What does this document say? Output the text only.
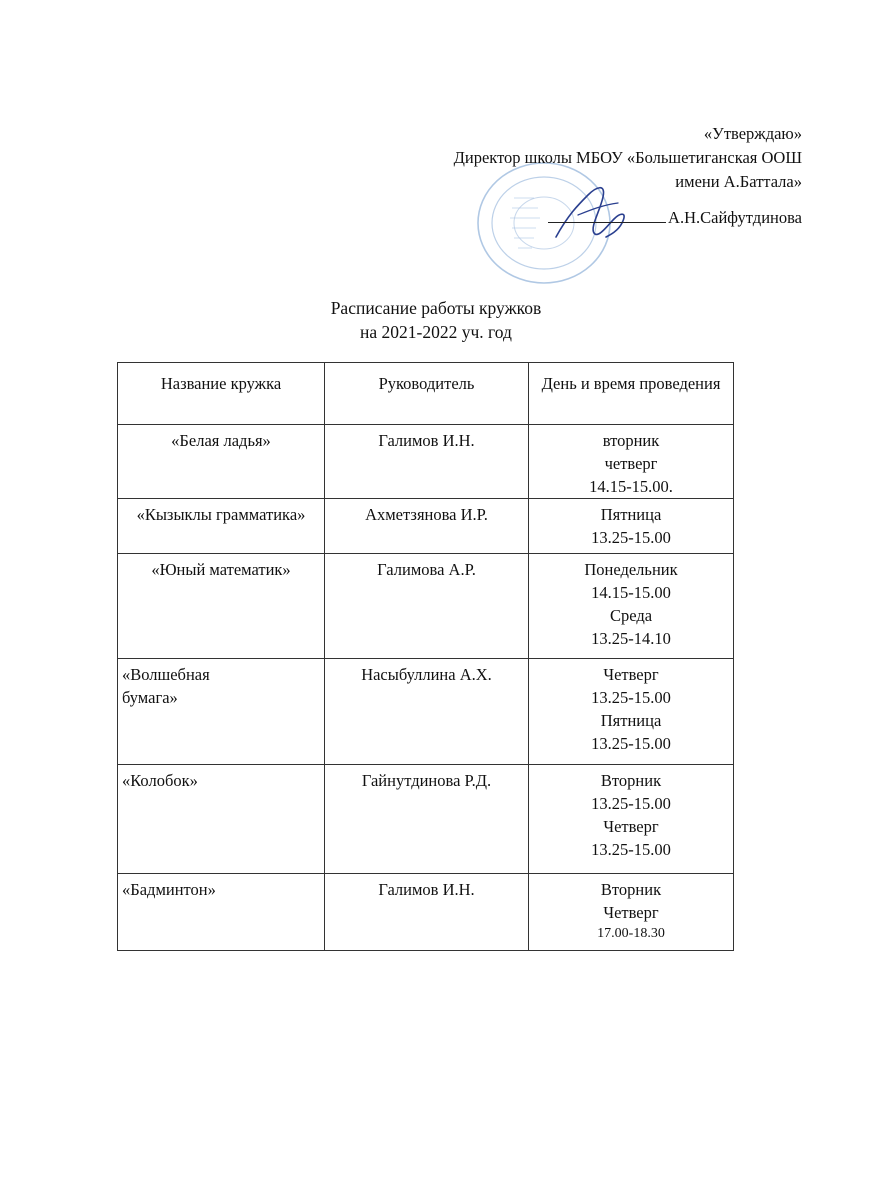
«Утверждаю»
Директор школы МБОУ «Большетиганская ООШ
имени А.Баттала»
А.Н.Сайфутдинова
Расписание работы кружков
на 2021-2022 уч. год
Название кружка	Руководитель	День и время проведения
«Белая ладья»	Галимов И.Н.	вторник
четверг
14.15-15.00.

«Кызыклы грамматика»	Ахметзянова И.Р.	Пятница
13.25-15.00

«Юный математик»	Галимова А.Р.	Понедельник
14.15-15.00
Среда
13.25-14.10

«Волшебная бумага»	Насыбуллина А.Х.	Четверг
13.25-15.00
Пятница
13.25-15.00

«Колобок»	Гайнутдинова Р.Д.	Вторник
13.25-15.00
Четверг
13.25-15.00

«Бадминтон»	Галимов И.Н.	Вторник
Четверг
17.00-18.30
